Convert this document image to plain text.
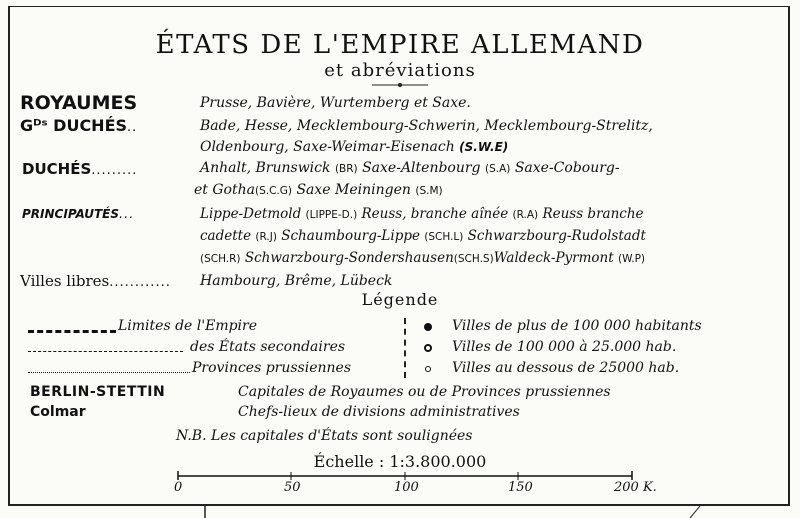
ÉTATS DE L'EMPIRE ALLEMAND
et abréviations
ROYAUMES	Prusse, Bavière, Wurtemberg et Saxe.
Gᴰˢ DUCHÉS..	Bade, Hesse, Mecklembourg-Schwerin, Mecklembourg-Strelitz,
Oldenbourg, Saxe-Weimar-Eisenach (S.W.E)
DUCHÉS.........	Anhalt, Brunswick (BR) Saxe-Altenbourg (S.A) Saxe-Cobourg-
et Gotha(S.C.G) Saxe Meiningen (S.M)
PRINCIPAUTÉS...	Lippe-Detmold (LIPPE-D.) Reuss, branche aînée (R.A) Reuss branche
cadette (R.J) Schaumbourg-Lippe (SCH.L) Schwarzbourg-Rudolstadt
(SCH.R) Schwarzbourg-Sondershausen(SCH.S)Waldeck-Pyrmont (W.P)
Villes libres............ Hambourg, Brême, Lübeck
Légende
Limites de l'Empire
des États secondaires
Provinces prussiennes
Villes de plus de 100 000 habitants
Villes de 100 000 à 25.000 hab.
Villes au dessous de 25000 hab.
BERLIN-STETTIN	Capitales de Royaumes ou de Provinces prussiennes
Colmar	Chefs-lieux de divisions administratives
N.B. Les capitales d'États sont soulignées
Échelle : 1:3.800.000
0	50	100	150	200 K.
